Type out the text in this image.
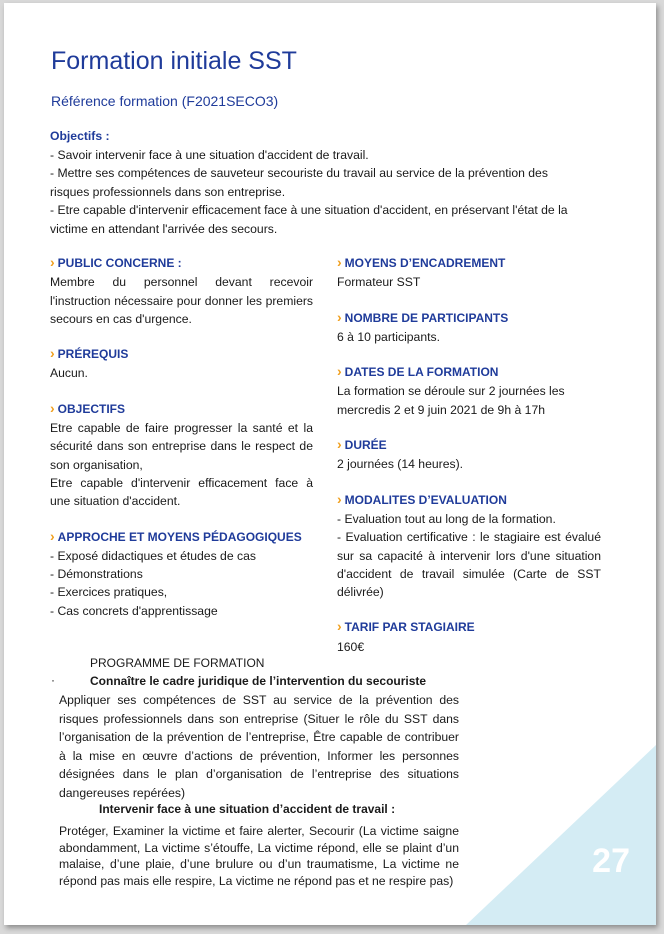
27
Formation initiale SST
Référence formation (F2021SECO3)
Objectifs :
- Savoir intervenir face à une situation d'accident de travail.
- Mettre ses compétences de sauveteur secouriste du travail au service de la prévention des risques professionnels dans son entreprise.
- Etre capable d'intervenir efficacement face à une situation d'accident, en préservant l'état de la victime en attendant l'arrivée des secours.
› PUBLIC CONCERNE :
Membre du personnel devant recevoir l'instruction nécessaire pour donner les premiers secours en cas d'urgence.
› PRÉREQUIS
Aucun.
› OBJECTIFS
Etre capable de faire progresser la santé et la sécurité dans son entreprise dans le respect de son organisation,
Etre capable d'intervenir efficacement face à une situation d'accident.
› APPROCHE ET MOYENS PÉDAGOGIQUES
- Exposé didactiques et études de cas
- Démonstrations
- Exercices pratiques,
- Cas concrets d'apprentissage
› MOYENS D’ENCADREMENT
Formateur SST
› NOMBRE DE PARTICIPANTS
6 à 10 participants.
› DATES DE LA FORMATION
La formation se déroule sur 2 journées les mercredis 2 et 9 juin 2021 de 9h à 17h
› DURÉE
2 journées (14 heures).
› MODALITES D’EVALUATION
- Evaluation tout au long de la formation.
- Evaluation certificative : le stagiaire est évalué sur sa capacité à intervenir lors d'une situation d'accident de travail simulée (Carte de SST délivrée)
› TARIF PAR STAGIAIRE
160€
PROGRAMME DE FORMATION
·	Connaître le cadre juridique de l’intervention du secouriste
Appliquer ses compétences de SST au service de la prévention des risques professionnels dans son entreprise (Situer le rôle du SST dans l’organisation de la prévention de l’entreprise, Être capable de contribuer à la mise en œuvre d’actions de prévention, Informer les personnes désignées dans le plan d’organisation de l’entreprise des situations dangereuses repérées)
Intervenir face à une situation d’accident de travail :
Protéger, Examiner la victime et faire alerter, Secourir (La victime saigne abondamment, La victime s’étouffe, La victime répond, elle se plaint d’un malaise, d’une plaie, d’une brulure ou d’un traumatisme, La victime ne répond pas mais elle respire, La victime ne répond pas et ne respire pas)
